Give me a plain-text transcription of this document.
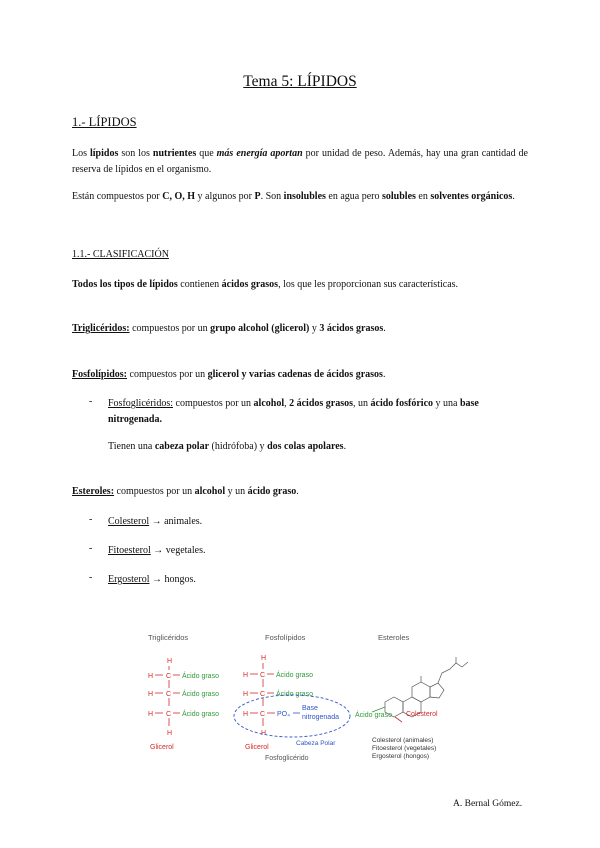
Tema 5: LÍPIDOS
1.- LÍPIDOS
Los lípidos son los nutrientes que más energía aportan por unidad de peso. Además, hay una gran cantidad de reserva de lípidos en el organismo.
Están compuestos por C, O, H y algunos por P. Son insolubles en agua pero solubles en solventes orgánicos.
1.1.- CLASIFICACIÓN
Todos los tipos de lípidos contienen ácidos grasos, los que les proporcionan sus características.
Triglicéridos: compuestos por un grupo alcohol (glicerol) y 3 ácidos grasos.
Fosfolípidos: compuestos por un glicerol y varias cadenas de ácidos grasos.
- Fosfoglicéridos: compuestos por un alcohol, 2 ácidos grasos, un ácido fosfórico y una base nitrogenada.
Tienen una cabeza polar (hidrófoba) y dos colas apolares.
Esteroles: compuestos por un alcohol y un ácido graso.
- Colesterol → animales.
- Fitoesterol → vegetales.
- Ergosterol → hongos.
Triglicéridos	Fosfolípidos	Esteroles
H
H C Ácido graso
H C Ácido graso
H C Ácido graso
H
Glicerol
H
H C Ácido graso
H C Ácido graso
H C PO₄
Base
nitrogenada
H
Glicerol
Cabeza Polar
Fosfoglicérido
Ácido graso Colesterol
Colesterol (animales)
Fitoesterol (vegetales)
Ergosterol (hongos)
A. Bernal Gómez.
